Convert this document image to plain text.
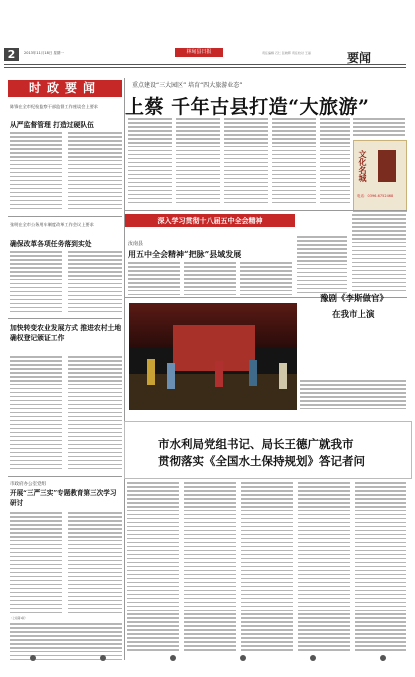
2	2013年11月18日 星期一	林甸县日报	责任编辑 石仁 张晓辉 责任校对 王丽	要闻
时政要闻
陈锋在全市纪检监察干部监督工作座谈会上要求
从严监督管理 打造过硬队伍
张明在全市公务用车制度改革工作会议上要求
确保改革各项任务落到实处
加快转变农业发展方式 推进农村土地确权登记颁证工作
市政府办公室党组
开展“三严三实”专题教育第三次学习研讨
（上接第1版）
重点建设“三大园区” 培育“四大旅游业态”
上蔡 千年古县打造“大旅游”
文化名城
电话：0396-6752468
深入学习贯彻十八届五中全会精神
汝南县
用五中全会精神“把脉”县域发展
豫剧《李斯做官》
在我市上演
市水利局党组书记、局长王德广就我市
贯彻落实《全国水土保持规划》答记者问
